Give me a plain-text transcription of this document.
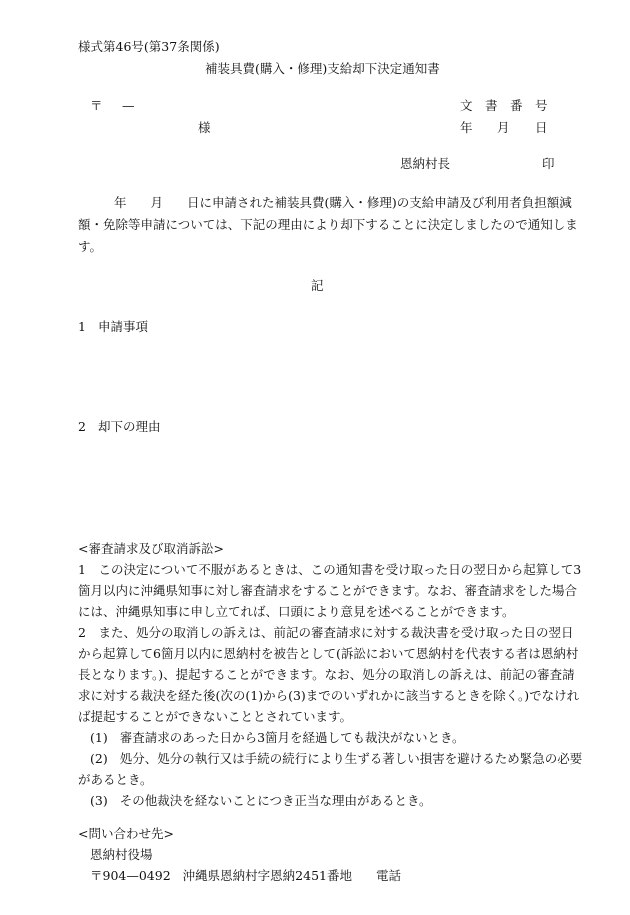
様式第46号(第37条関係)
補装具費(購入・修理)支給却下決定通知書
〒 —
様
文 書 番 号
年 月 日
恩納村長	印
年 月 日に申請された補装具費(購入・修理)の支給申請及び利用者負担額減
額・免除等申請については、下記の理由により却下することに決定しましたので通知しま
す。
記
1 申請事項
2 却下の理由
<審査請求及び取消訴訟>
1　この決定について不服があるときは、この通知書を受け取った日の翌日から起算して3
箇月以内に沖縄県知事に対し審査請求をすることができます。なお、審査請求をした場合
には、沖縄県知事に申し立てれば、口頭により意見を述べることができます。
2　また、処分の取消しの訴えは、前記の審査請求に対する裁決書を受け取った日の翌日
から起算して6箇月以内に恩納村を被告として(訴訟において恩納村を代表する者は恩納村
長となります。)、提起することができます。なお、処分の取消しの訴えは、前記の審査請
求に対する裁決を経た後(次の(1)から(3)までのいずれかに該当するときを除く。)でなけれ
ば提起することができないこととされています。
(1) 審査請求のあった日から3箇月を経過しても裁決がないとき。
(2) 処分、処分の執行又は手続の続行により生ずる著しい損害を避けるため緊急の必要
があるとき。
(3) その他裁決を経ないことにつき正当な理由があるとき。
<問い合わせ先>
恩納村役場
〒904—0492 沖縄県恩納村字恩納2451番地 電話
